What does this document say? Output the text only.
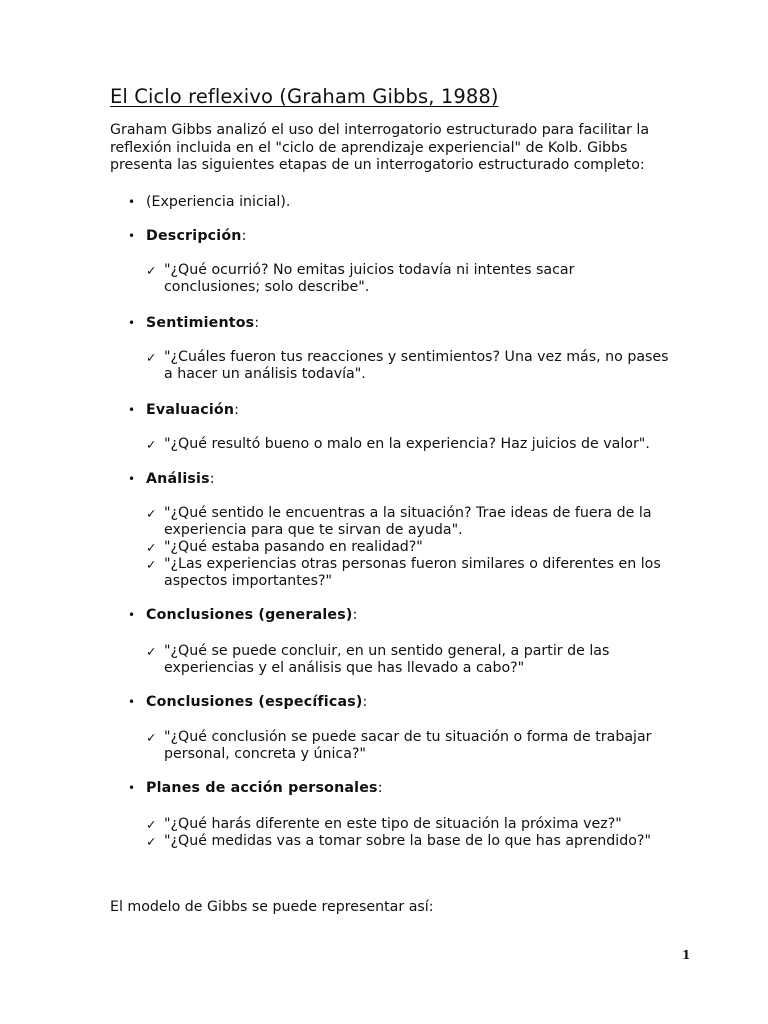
El Ciclo reflexivo (Graham Gibbs, 1988)

Graham Gibbs analizó el uso del interrogatorio estructurado para facilitar la
reflexión incluida en el "ciclo de aprendizaje experiencial" de Kolb. Gibbs
presenta las siguientes etapas de un interrogatorio estructurado completo:

• (Experiencia inicial).
• Descripción:
✓ "¿Qué ocurrió? No emitas juicios todavía ni intentes sacar
conclusiones; solo describe".
• Sentimientos:
✓ "¿Cuáles fueron tus reacciones y sentimientos? Una vez más, no pases
a hacer un análisis todavía".
• Evaluación:
✓ "¿Qué resultó bueno o malo en la experiencia? Haz juicios de valor".
• Análisis:
✓ "¿Qué sentido le encuentras a la situación? Trae ideas de fuera de la
experiencia para que te sirvan de ayuda".
✓ "¿Qué estaba pasando en realidad?"
✓ "¿Las experiencias otras personas fueron similares o diferentes en los
aspectos importantes?"
• Conclusiones (generales):
✓ "¿Qué se puede concluir, en un sentido general, a partir de las
experiencias y el análisis que has llevado a cabo?"
• Conclusiones (específicas):
✓ "¿Qué conclusión se puede sacar de tu situación o forma de trabajar
personal, concreta y única?"
• Planes de acción personales:
✓ "¿Qué harás diferente en este tipo de situación la próxima vez?"
✓ "¿Qué medidas vas a tomar sobre la base de lo que has aprendido?"

El modelo de Gibbs se puede representar así:

1
